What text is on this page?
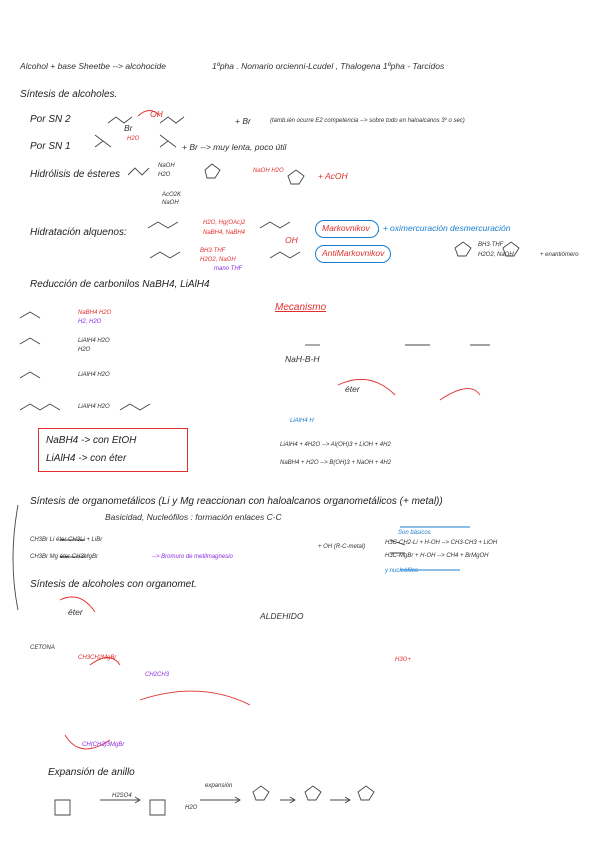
Alcohol + base Sheetbe --> alcohocide	1ºpha . Nomario orcienni-Lcudel , Thalogena 1ºpha - Tarcidos
Síntesis de alcoholes.
Por SN 2	OH
Br
+ Br	(tamb.ién ocurre E2 competencia --> sobre todo en haloalcanos 3º o sec)
Por SN 1
H2O
+ Br --> muy lenta, poco útil
Hidrólisis de ésteres
NaOH
H2O
AcO2K
NaOH
NaOH H2O	+ AcOH
Hidratación alquenos:
H2O, Hg(OAc)2
NaBH4, NaBH4
BH3·THF
H2O2, NaOH
mano THF
OH
Markovnikov , + oximercuración desmercuración
AntiMarkovnikov
BH3·THF
H2O2, NaOH	+ enantiómero
Reducción de carbonilos NaBH4, LiAlH4
NaBH4 H2O
H2, H2O
LiAlH4 H2O
H2O
LiAlH4 H2O
LiAlH4 H2O
NaBH4 -> con EtOH
LiAlH4 -> con éter
Mecanismo
NaH-B-H
éter
LiAlH4 H
LiAlH4 + 4H2O --> Al(OH)3 + LiOH + 4H2
NaBH4 + H2O --> B(OH)3 + NaOH + 4H2
Síntesis de organometálicos (Li y Mg reaccionan con haloalcanos organometálicos (+ metal))
Basicidad, Nucleófilos : formación enlaces C-C
CH3Br Li éter CH3Li + LiBr
CH3Br Mg éter CH3MgBr	--> Bromuro de metilmagnesio
+ OH (R-C-metal)
Son básicos
H3C-CH2-Li + H-OH --> CH3-CH3 + LiOH
H3C-MgBr + H-OH --> CH4 + BrMgOH
y nucleófilos
Síntesis de alcoholes con organomet.
éter	ALDEHIDO
CETONA
CH3CH2MgBr
CH2CH3
H3O+
CH(CH3)3MgBr
Expansión de anillo
H2SO4
H2O
expansión
